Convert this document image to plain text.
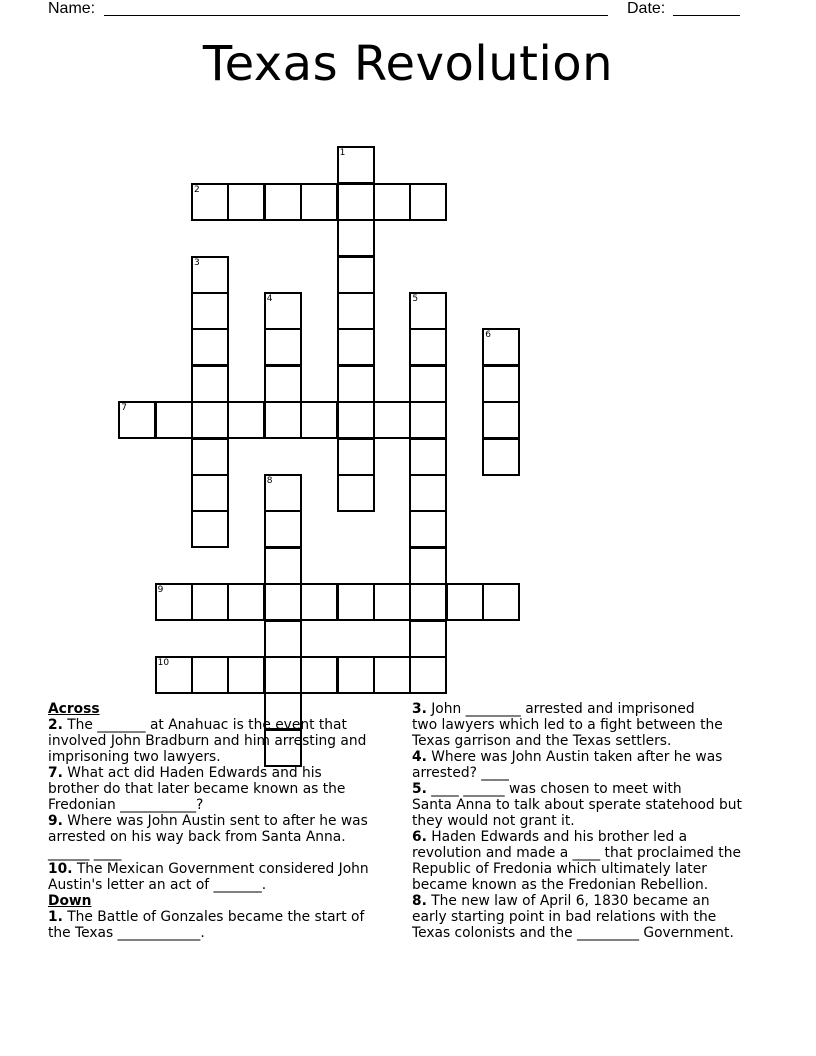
Name:	Date:
Texas Revolution
2
1
3
4	5
6
7
8
9
10
Across
2. The _______ at Anahuac is the event that
involved John Bradburn and him arresting and
imprisoning two lawyers.
7. What act did Haden Edwards and his
brother do that later became known as the
Fredonian ___________?
9. Where was John Austin sent to after he was
arrested on his way back from Santa Anna.
______ ____
10. The Mexican Government considered John
Austin's letter an act of _______.
Down
1. The Battle of Gonzales became the start of
the Texas ____________.
3. John ________ arrested and imprisoned
two lawyers which led to a fight between the
Texas garrison and the Texas settlers.
4. Where was John Austin taken after he was
arrested? ____
5. ____ ______ was chosen to meet with
Santa Anna to talk about sperate statehood but
they would not grant it.
6. Haden Edwards and his brother led a
revolution and made a ____ that proclaimed the
Republic of Fredonia which ultimately later
became known as the Fredonian Rebellion.
8. The new law of April 6, 1830 became an
early starting point in bad relations with the
Texas colonists and the _________ Government.
